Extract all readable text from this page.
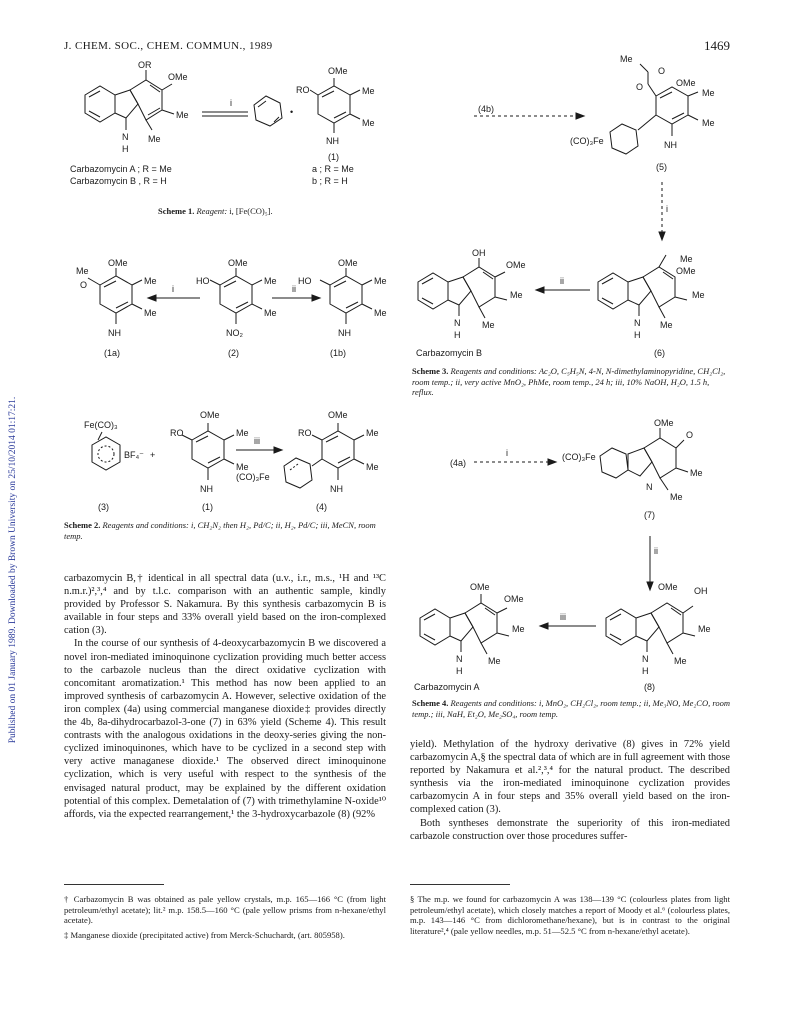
Published on 01 January 1989. Downloaded by Brown University on 25/10/2014 01:17:21.
J. CHEM. SOC., CHEM. COMMUN., 1989	1469
OR
OMe
Me
Me
N
H
i
•
OMe
Me
Me
RO
NH
(1)
a ; R = Me
b ; R = H
Carbazomycin A ; R = Me
Carbazomycin B , R = H
Scheme 1. Reagent: i, [Fe(CO)₅].
OMe
Me
O	Me
Me
NH
(1a)
i
OMe
HO	Me
Me
NO₂
(2)
ii
OMe
HO	Me
Me
NH
(1b)
Fe(CO)₃
BF₄⁻ +
OMe
RO	Me
Me
NH
iii
OMe
RO	Me
Me
(CO)₃Fe
NH
(3)	(1)	(4)
Scheme 2. Reagents and conditions: i, CH₂N₂ then H₂, Pd/C; ii, H₂, Pd/C; iii, MeCN, room temp.
(4b)
Me
O
OMe
O
Me
Me
(CO)₃Fe	NH
(5)
i
Me
OMe
Me
Me
N
H
(6)
ii
OH
OMe
Me
Me
N
H
Carbazomycin B
Scheme 3. Reagents and conditions: Ac₂O, C₅H₅N, 4-N, N-dimethylaminopyridine, CH₂Cl₂, room temp.; ii, very active MnO₂, PhMe, room temp., 24 h; iii, 10% NaOH, H₂O, 1.5 h, reflux.
(4a)
i	(CO)₃Fe
OMe
O
Me
N
Me
(7)
ii
OMe OH
Me
Me
N
H
(8)
iii
OMe
OMe
Me
Me
N
H
Carbazomycin A
Scheme 4. Reagents and conditions: i, MnO₂, CH₂Cl₂, room temp.; ii, Me₃NO, Me₂CO, room temp.; iii, NaH, Et₂O, Me₂SO₄, room temp.

carbazomycin B,† identical in all spectral data (u.v., i.r., m.s., ¹H and ¹³C n.m.r.)²,³,⁴ and by t.l.c. comparison with an authentic sample, kindly provided by Professor S. Nakamura. By this synthesis carbazomycin B is available in four steps and 33% overall yield based on the iron-complexed cation (3).

In the course of our synthesis of 4-deoxycarbazomycin B we discovered a novel iron-mediated iminoquinone cyclization providing much better access to the carbazole nucleus than the direct oxidative cyclization with concomitant aromatization.¹ This method has now been applied to an improved synthesis of carbazomycin A. However, selective oxidation of the iron complex (4a) using commercial manganese dioxide‡ provides directly the 4b, 8a-dihydrocarbazol-3-one (7) in 63% yield (Scheme 4). This result contrasts with the analogous oxidations in the deoxy-series giving the non-cyclized iminoquinones, which have to be cyclized in a second step with very active managanese dioxide.¹ The observed direct iminoquinone cyclization, which is very useful with respect to the synthesis of the envisaged natural product, may be explained by the different oxidation potential of this complex. Demetalation of (7) with trimethylamine N-oxide¹⁰ affords, via the expected rearrangement,¹ the 3-hydroxycarbazole (8) (92%

yield). Methylation of the hydroxy derivative (8) gives in 72% yield carbazomycin A,§ the spectral data of which are in full agreement with those reported by Nakamura et al.²,³,⁴ for the natural product. The described synthesis via the iron-mediated iminoquinone cyclization provides carbazomycin A in four steps and 35% overall yield based on the iron-complexed cation (3).

Both syntheses demonstrate the superiority of this iron-mediated carbazole construction over those procedures suffer-

† Carbazomycin B was obtained as pale yellow crystals, m.p. 165—166 °C (from light petroleum/ethyl acetate); lit.² m.p. 158.5—160 °C (pale yellow prisms from n-hexane/ethyl acetate).

‡ Manganese dioxide (precipitated active) from Merck-Schuchardt, (art. 805958).

§ The m.p. we found for carbazomycin A was 138—139 °C (colourless plates from light petroleum/ethyl acetate), which closely matches a report of Moody et al.⁶ (colourless plates, m.p. 143—146 °C from dichloromethane/hexane), but is in contrast to the original literature²,⁴ (pale yellow needles, m.p. 51—52.5 °C from n-hexane/ethyl acetate).
